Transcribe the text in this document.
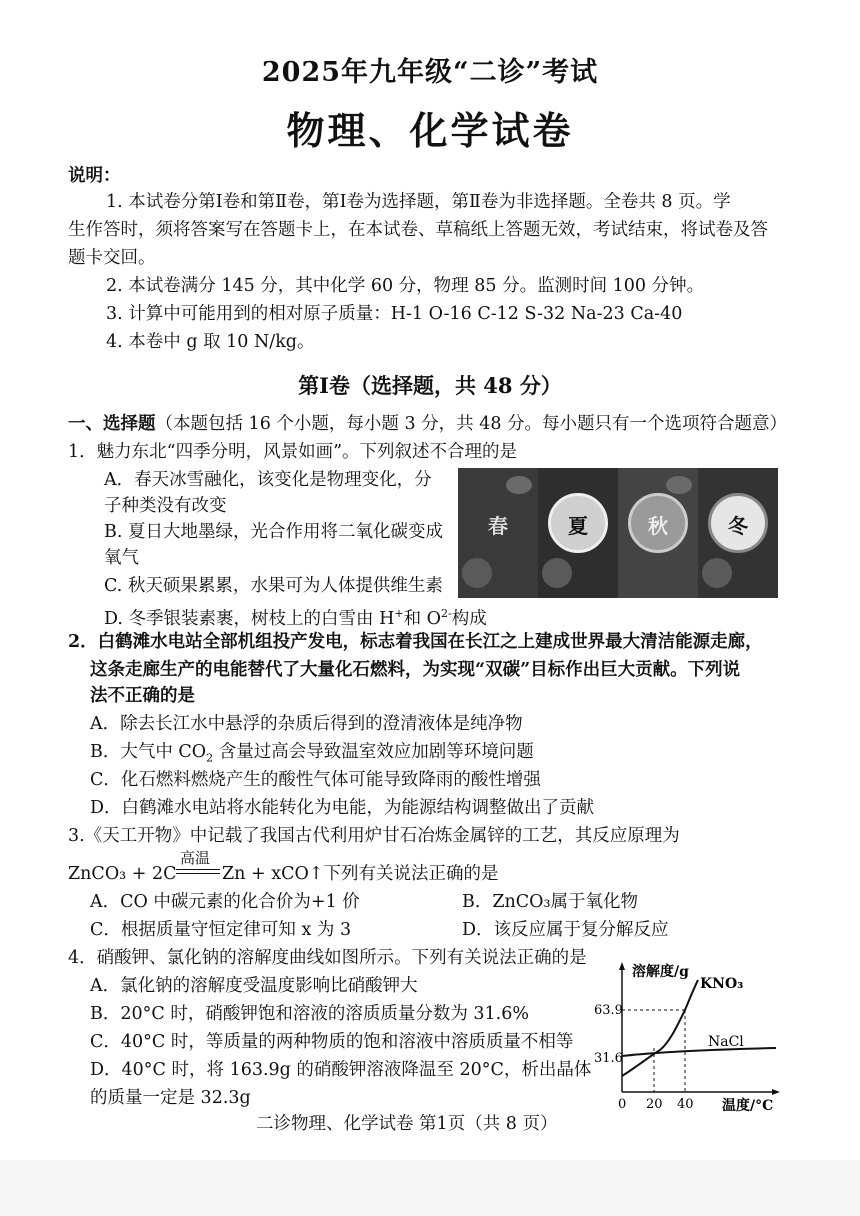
2025年九年级“二诊”考试
物理、化学试卷
说明：
1. 本试卷分第Ⅰ卷和第Ⅱ卷，第Ⅰ卷为选择题，第Ⅱ卷为非选择题。全卷共 8 页。学
生作答时，须将答案写在答题卡上，在本试卷、草稿纸上答题无效，考试结束，将试卷及答
题卡交回。
2. 本试卷满分 145 分，其中化学 60 分，物理 85 分。监测时间 100 分钟。
3. 计算中可能用到的相对原子质量：H-1 O-16 C-12 S-32 Na-23 Ca-40
4. 本卷中 g 取 10 N/kg。
第Ⅰ卷（选择题，共 48 分）
一、选择题（本题包括 16 个小题，每小题 3 分，共 48 分。每小题只有一个选项符合题意）
1．魅力东北“四季分明，风景如画”。下列叙述不合理的是
A．春天冰雪融化，该变化是物理变化，分
子种类没有改变
B. 夏日大地墨绿，光合作用将二氧化碳变成
氧气
C. 秋天硕果累累，水果可为人体提供维生素
D. 冬季银装素裹，树枝上的白雪由 H+和 $O^{2-}$构成
春	夏	秋	冬
2．白鹤滩水电站全部机组投产发电，标志着我国在长江之上建成世界最大清洁能源走廊，
这条走廊生产的电能替代了大量化石燃料，为实现“双碳”目标作出巨大贡献。下列说
法不正确的是
A．除去长江水中悬浮的杂质后得到的澄清液体是纯净物
B．大气中 $CO_2$ 含量过高会导致温室效应加剧等环境问题
C．化石燃料燃烧产生的酸性气体可能导致降雨的酸性增强
D．白鹤滩水电站将水能转化为电能，为能源结构调整做出了贡献
3.《天工开物》中记载了我国古代利用炉甘石冶炼金属锌的工艺，其反应原理为
高温
ZnCO₃ + 2C	Zn + xCO↑下列有关说法正确的是
A．CO 中碳元素的化合价为+1 价	B．ZnCO₃属于氧化物
C．根据质量守恒定律可知 x 为 3	D．该反应属于复分解反应
4．硝酸钾、氯化钠的溶解度曲线如图所示。下列有关说法正确的是
A．氯化钠的溶解度受温度影响比硝酸钾大
B．20°C 时，硝酸钾饱和溶液的溶质质量分数为 31.6%
C．40°C 时，等质量的两种物质的饱和溶液中溶质质量不相等
D．40°C 时，将 163.9g 的硝酸钾溶液降温至 20°C，析出晶体
的质量一定是 32.3g
溶解度/g
KNO₃
NaCl
63.9
31.6
0 20 40 温度/°C
二诊物理、化学试卷 第1页（共 8 页）
